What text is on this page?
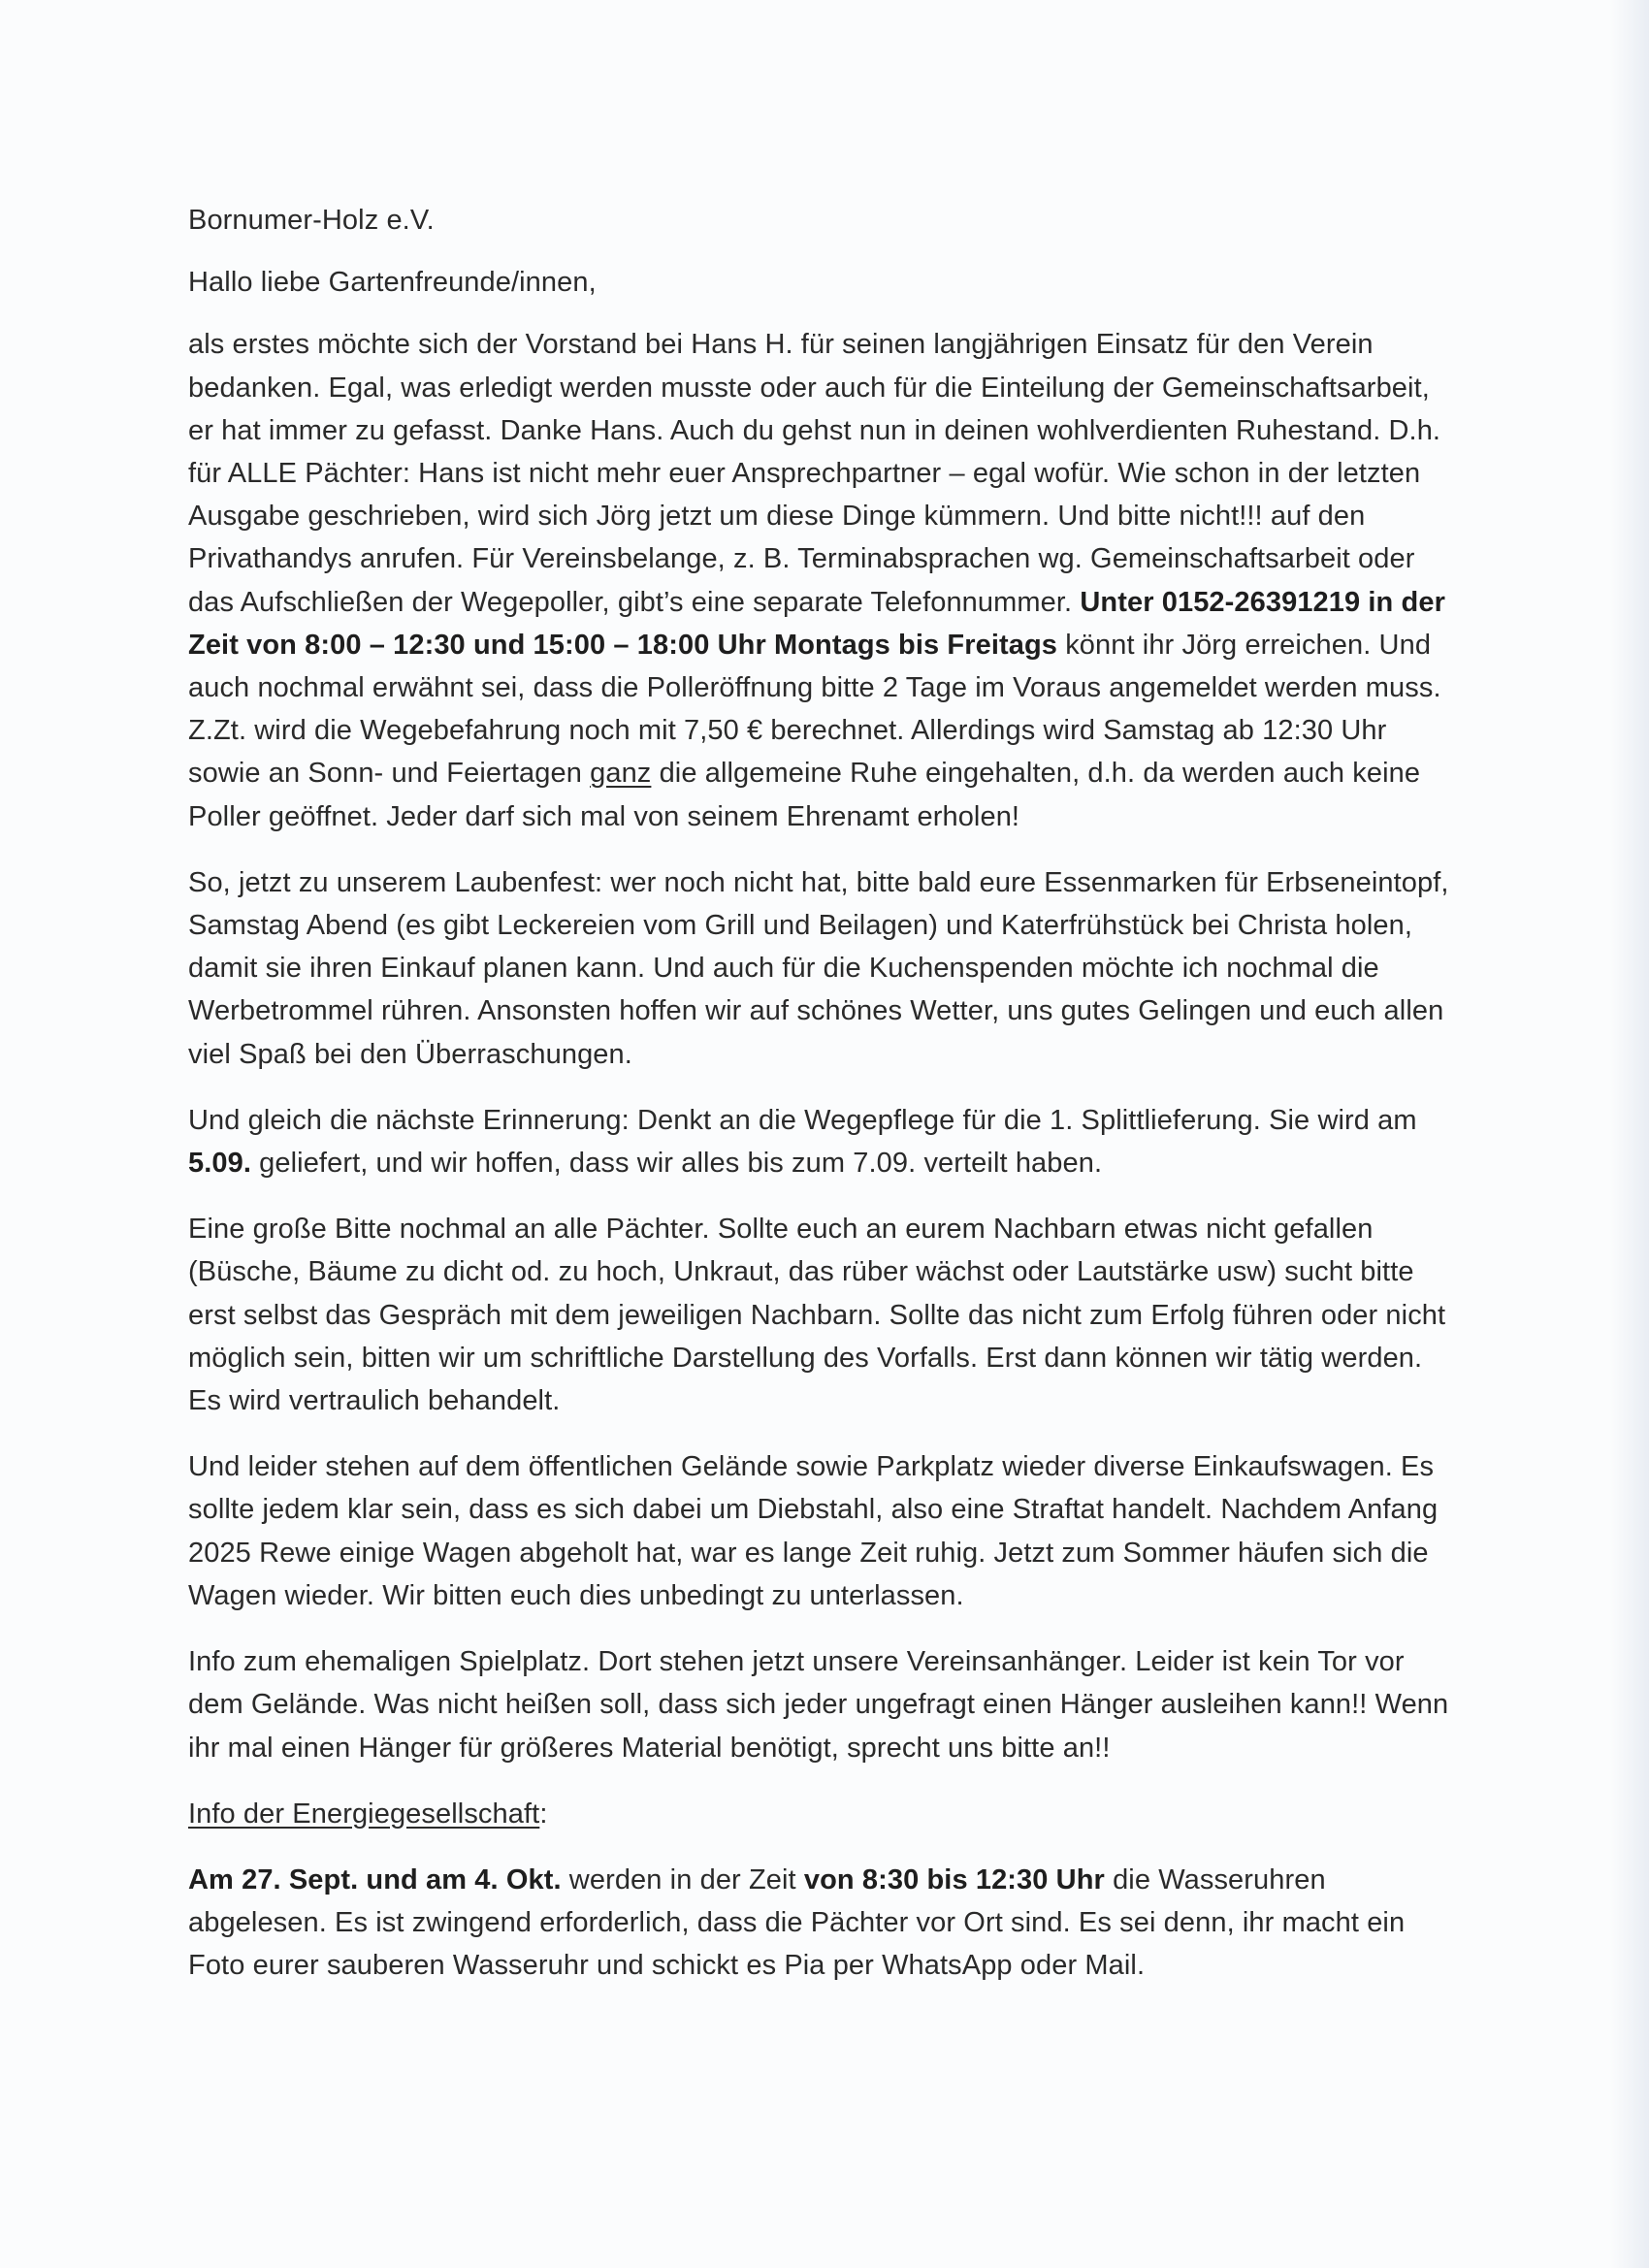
Bornumer-Holz e.V.

Hallo liebe Gartenfreunde/innen,

als erstes möchte sich der Vorstand bei Hans H. für seinen langjährigen Einsatz für den Verein bedanken. Egal, was erledigt werden musste oder auch für die Einteilung der Gemeinschaftsarbeit, er hat immer zu gefasst. Danke Hans. Auch du gehst nun in deinen wohlverdienten Ruhestand. D.h. für ALLE Pächter: Hans ist nicht mehr euer Ansprechpartner – egal wofür. Wie schon in der letzten Ausgabe geschrieben, wird sich Jörg jetzt um diese Dinge kümmern. Und bitte nicht!!! auf den Privathandys anrufen. Für Vereinsbelange, z. B. Terminabsprachen wg. Gemeinschaftsarbeit oder das Aufschließen der Wegepoller, gibt’s eine separate Telefonnummer. Unter 0152-26391219 in der Zeit von 8:00 – 12:30 und 15:00 – 18:00 Uhr Montags bis Freitags könnt ihr Jörg erreichen. Und auch nochmal erwähnt sei, dass die Polleröffnung bitte 2 Tage im Voraus angemeldet werden muss. Z.Zt. wird die Wegebefahrung noch mit 7,50 € berechnet. Allerdings wird Samstag ab 12:30 Uhr sowie an Sonn- und Feiertagen ganz die allgemeine Ruhe eingehalten, d.h. da werden auch keine Poller geöffnet. Jeder darf sich mal von seinem Ehrenamt erholen!

So, jetzt zu unserem Laubenfest: wer noch nicht hat, bitte bald eure Essenmarken für Erbseneintopf, Samstag Abend (es gibt Leckereien vom Grill und Beilagen) und Katerfrühstück bei Christa holen, damit sie ihren Einkauf planen kann. Und auch für die Kuchenspenden möchte ich nochmal die Werbetrommel rühren. Ansonsten hoffen wir auf schönes Wetter, uns gutes Gelingen und euch allen viel Spaß bei den Überraschungen.

Und gleich die nächste Erinnerung: Denkt an die Wegepflege für die 1. Splittlieferung. Sie wird am 5.09. geliefert, und wir hoffen, dass wir alles bis zum 7.09. verteilt haben.

Eine große Bitte nochmal an alle Pächter. Sollte euch an eurem Nachbarn etwas nicht gefallen (Büsche, Bäume zu dicht od. zu hoch, Unkraut, das rüber wächst oder Lautstärke usw) sucht bitte erst selbst das Gespräch mit dem jeweiligen Nachbarn. Sollte das nicht zum Erfolg führen oder nicht möglich sein, bitten wir um schriftliche Darstellung des Vorfalls. Erst dann können wir tätig werden. Es wird vertraulich behandelt.

Und leider stehen auf dem öffentlichen Gelände sowie Parkplatz wieder diverse Einkaufswagen. Es sollte jedem klar sein, dass es sich dabei um Diebstahl, also eine Straftat handelt. Nachdem Anfang 2025 Rewe einige Wagen abgeholt hat, war es lange Zeit ruhig. Jetzt zum Sommer häufen sich die Wagen wieder. Wir bitten euch dies unbedingt zu unterlassen.

Info zum ehemaligen Spielplatz. Dort stehen jetzt unsere Vereinsanhänger. Leider ist kein Tor vor dem Gelände. Was nicht heißen soll, dass sich jeder ungefragt einen Hänger ausleihen kann!! Wenn ihr mal einen Hänger für größeres Material benötigt, sprecht uns bitte an!!

Info der Energiegesellschaft:

Am 27. Sept. und am 4. Okt. werden in der Zeit von 8:30 bis 12:30 Uhr die Wasseruhren abgelesen. Es ist zwingend erforderlich, dass die Pächter vor Ort sind. Es sei denn, ihr macht ein Foto eurer sauberen Wasseruhr und schickt es Pia per WhatsApp oder Mail.
